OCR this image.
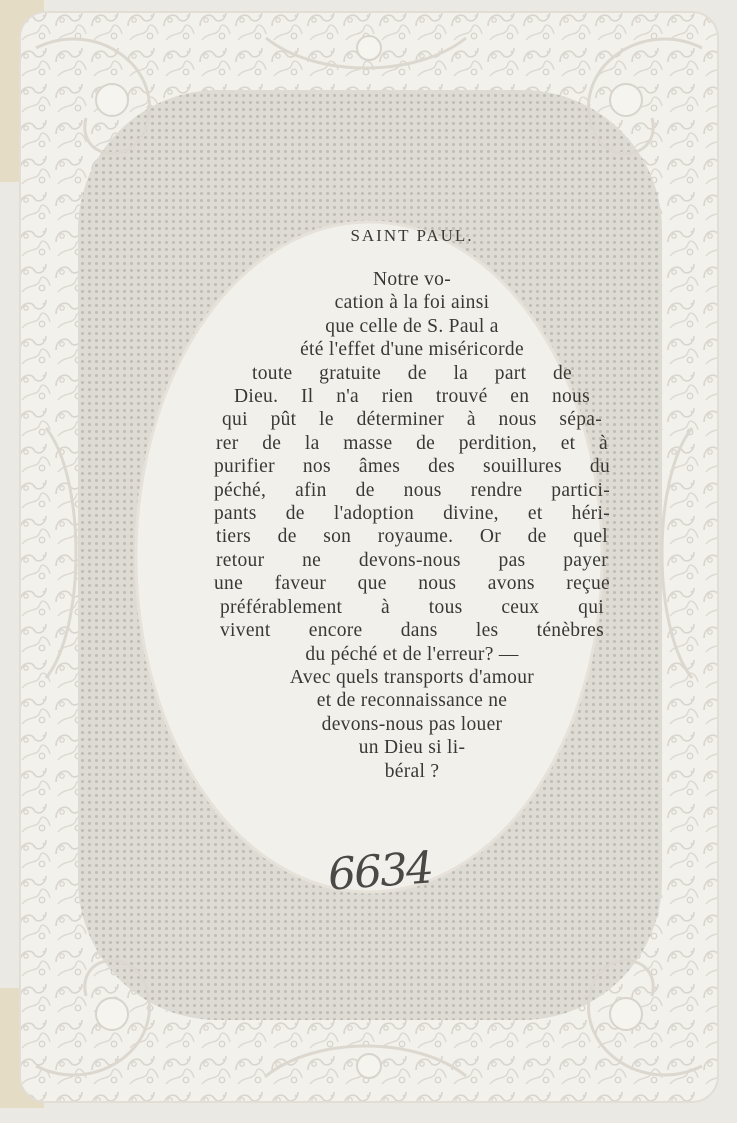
SAINT PAUL.
Notre vo-
cation à la foi ainsi
que celle de S. Paul a
été l'effet d'une miséricorde
toute gratuite de la part de
Dieu. Il n'a rien trouvé en nous
qui pût le déterminer à nous sépa-
rer de la masse de perdition, et à
purifier nos âmes des souillures du
péché, afin de nous rendre partici-
pants de l'adoption divine, et héri-
tiers de son royaume. Or de quel
retour ne devons-nous pas payer
une faveur que nous avons reçue
préférablement à tous ceux qui
vivent encore dans les ténèbres
du péché et de l'erreur? —
Avec quels transports d'amour
et de reconnaissance ne
devons-nous pas louer
un Dieu si li-
béral ?
6634
